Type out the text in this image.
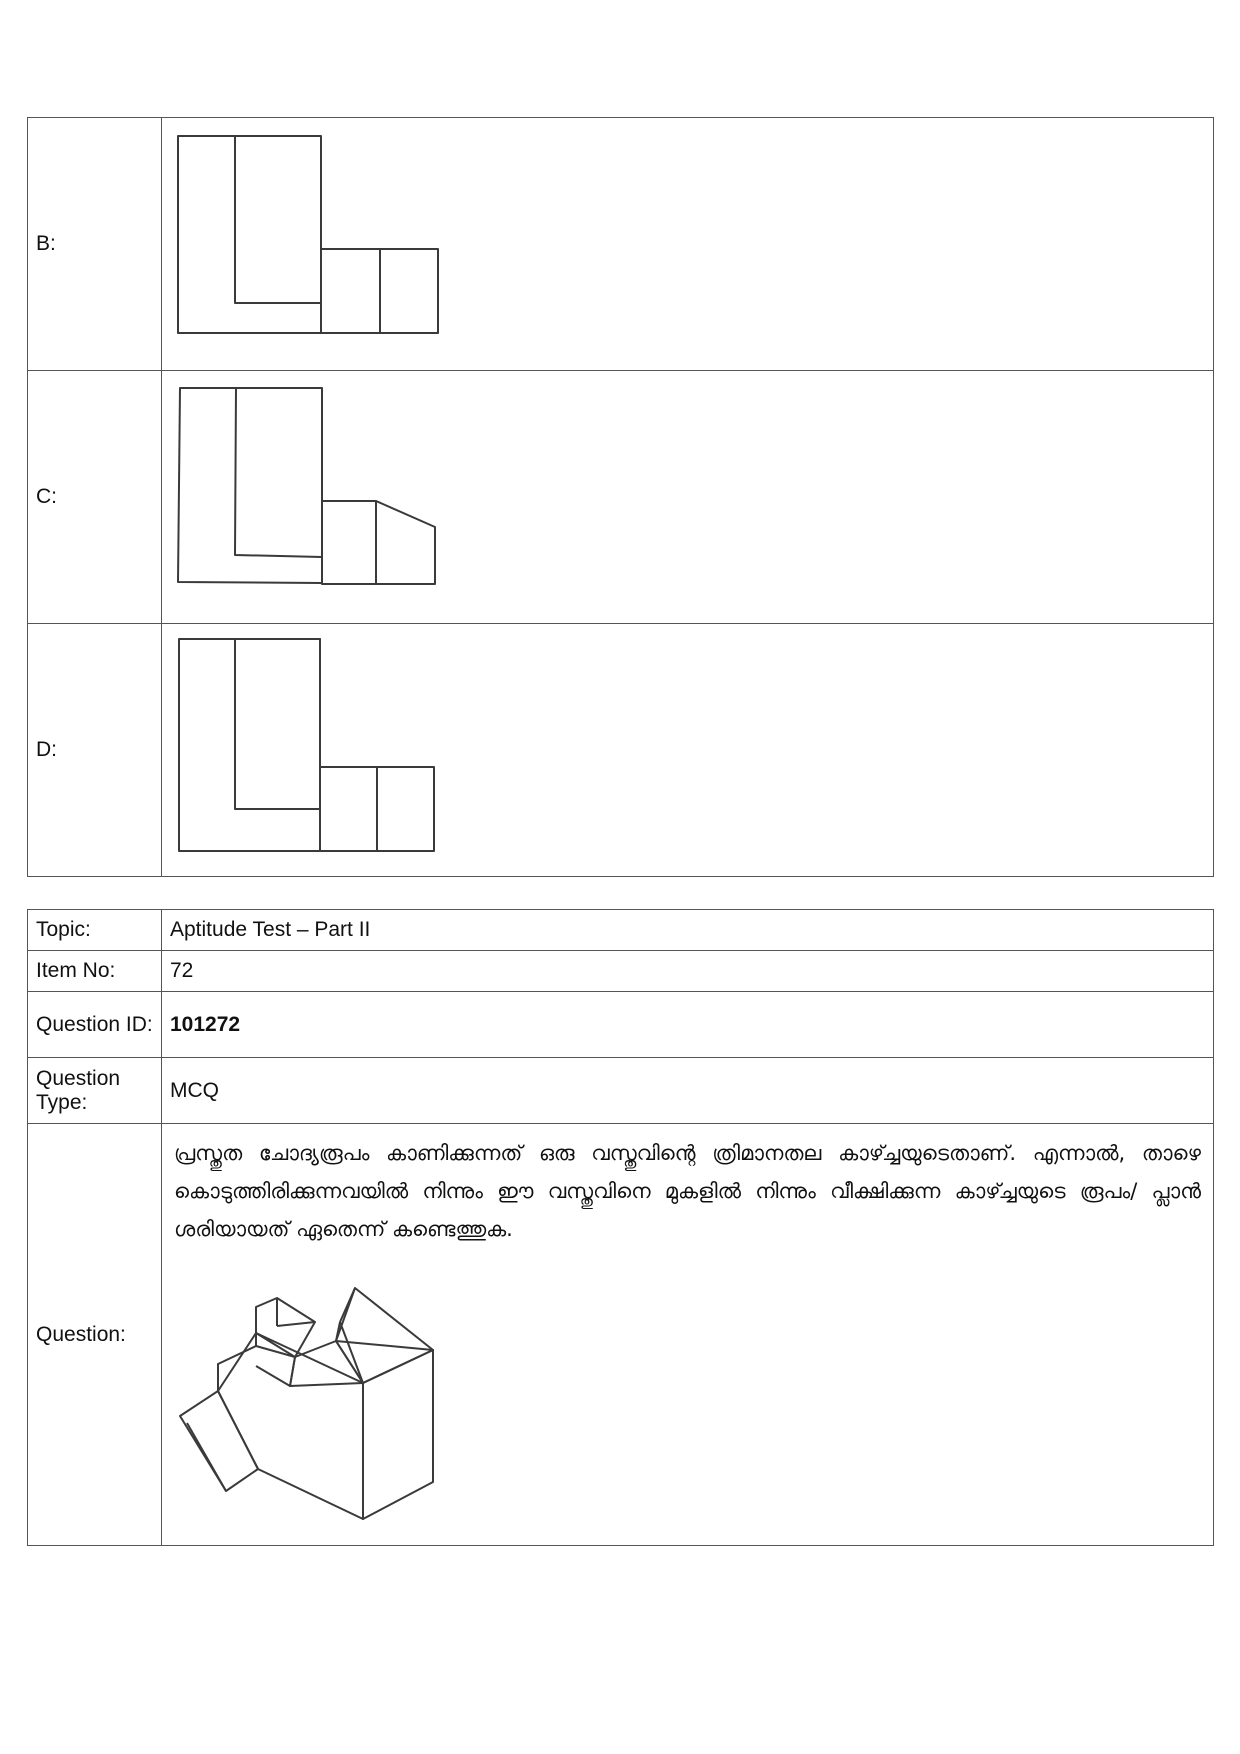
B:	

C:	

D:	
Topic:	Aptitude Test – Part II
Item No:	72
Question ID:	101272
Question Type:	MCQ
Question:	പ്രസ്തുത ചോദ്യരൂപം കാണിക്കുന്നത് ഒരു വസ്തുവിന്റെ ത്രിമാനതല കാഴ്ച്ചയുടെതാണ്. എന്നാൽ, താഴെ കൊടുത്തിരിക്കുന്നവയിൽ നിന്നും ഈ വസ്തുവിനെ മുകളിൽ നിന്നും വീക്ഷിക്കുന്ന കാഴ്ച്ചയുടെ രൂപം/ പ്ലാൻ ശരിയായത് ഏതെന്ന് കണ്ടെത്തുക.
